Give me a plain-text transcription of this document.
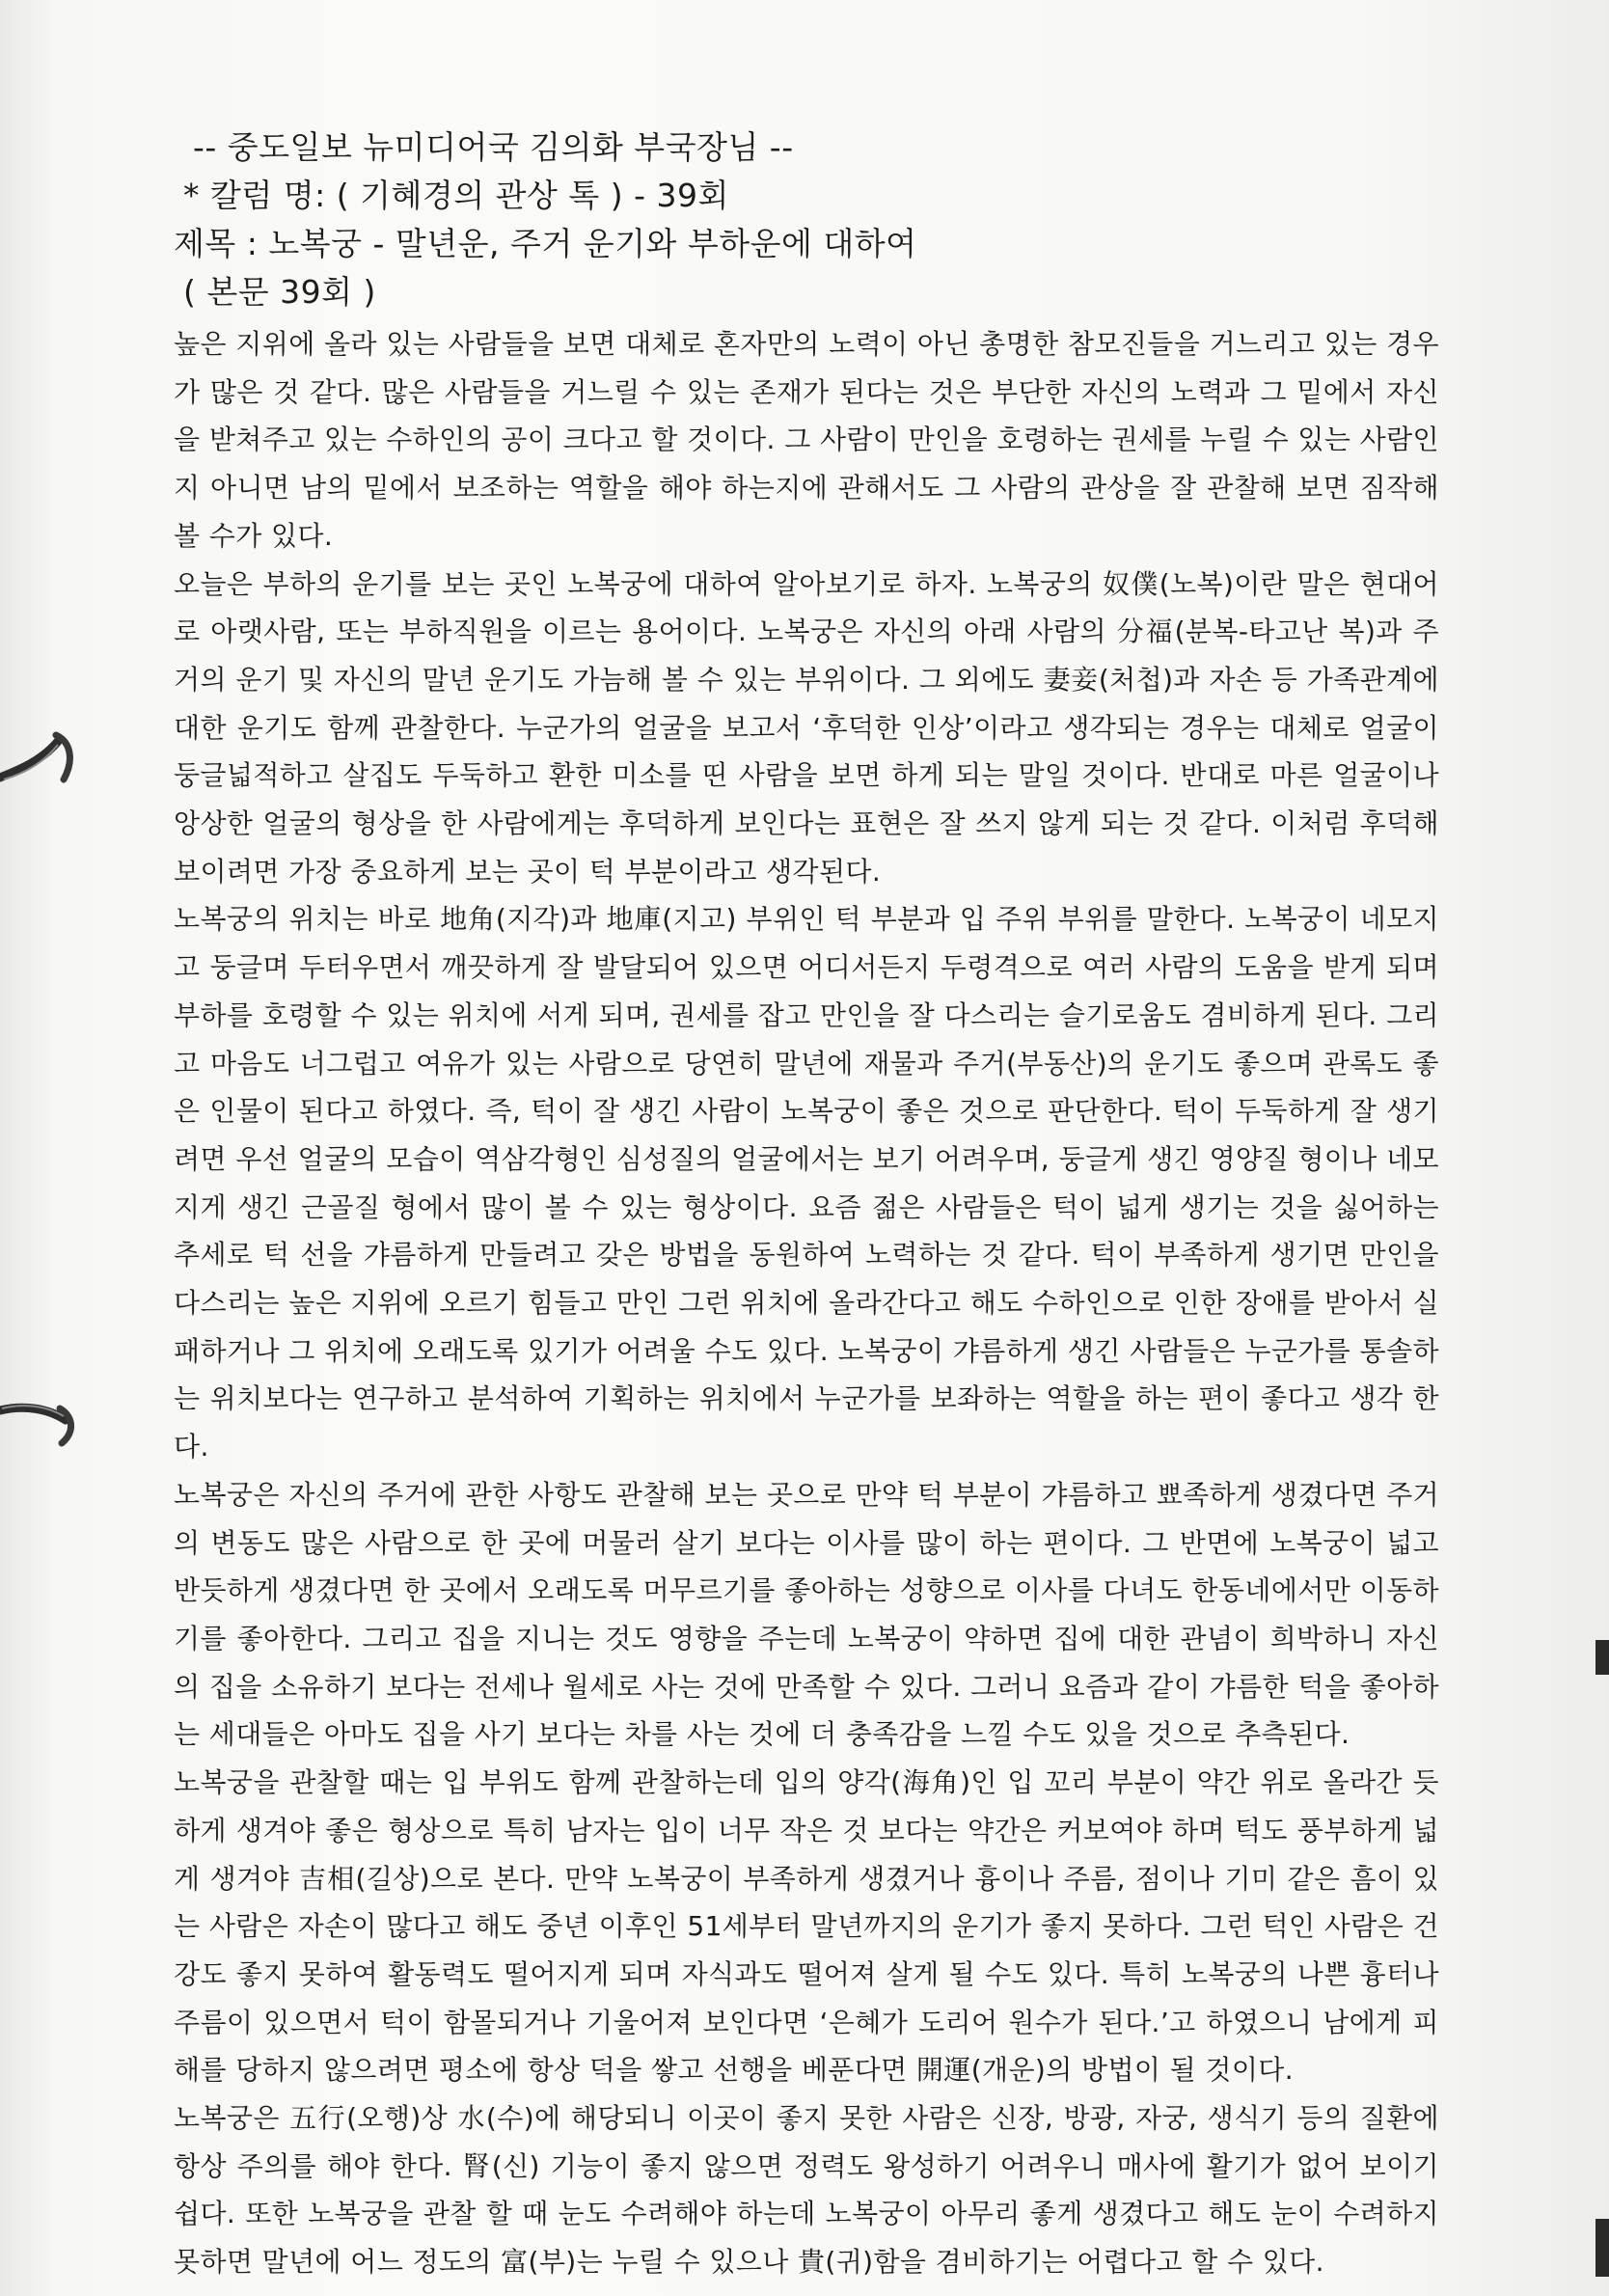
-- 중도일보 뉴미디어국 김의화 부국장님 --

* 칼럼 명: ( 기혜경의 관상 톡 ) - 39회

제목 : 노복궁 - 말년운, 주거 운기와 부하운에 대하여

( 본문 39회 )

높은 지위에 올라 있는 사람들을 보면 대체로 혼자만의 노력이 아닌 총명한 참모진들을 거느리고 있는 경우가 많은 것 같다. 많은 사람들을 거느릴 수 있는 존재가 된다는 것은 부단한 자신의 노력과 그 밑에서 자신을 받쳐주고 있는 수하인의 공이 크다고 할 것이다. 그 사람이 만인을 호령하는 권세를 누릴 수 있는 사람인지 아니면 남의 밑에서 보조하는 역할을 해야 하는지에 관해서도 그 사람의 관상을 잘 관찰해 보면 짐작해 볼 수가 있다.

오늘은 부하의 운기를 보는 곳인 노복궁에 대하여 알아보기로 하자. 노복궁의 奴僕(노복)이란 말은 현대어로 아랫사람, 또는 부하직원을 이르는 용어이다. 노복궁은 자신의 아래 사람의 分福(분복-타고난 복)과 주거의 운기 및 자신의 말년 운기도 가늠해 볼 수 있는 부위이다. 그 외에도 妻妾(처첩)과 자손 등 가족관계에 대한 운기도 함께 관찰한다. 누군가의 얼굴을 보고서 ‘후덕한 인상’이라고 생각되는 경우는 대체로 얼굴이 둥글넓적하고 살집도 두둑하고 환한 미소를 띤 사람을 보면 하게 되는 말일 것이다. 반대로 마른 얼굴이나 앙상한 얼굴의 형상을 한 사람에게는 후덕하게 보인다는 표현은 잘 쓰지 않게 되는 것 같다. 이처럼 후덕해 보이려면 가장 중요하게 보는 곳이 턱 부분이라고 생각된다.

노복궁의 위치는 바로 地角(지각)과 地庫(지고) 부위인 턱 부분과 입 주위 부위를 말한다. 노복궁이 네모지고 둥글며 두터우면서 깨끗하게 잘 발달되어 있으면 어디서든지 두령격으로 여러 사람의 도움을 받게 되며 부하를 호령할 수 있는 위치에 서게 되며, 권세를 잡고 만인을 잘 다스리는 슬기로움도 겸비하게 된다. 그리고 마음도 너그럽고 여유가 있는 사람으로 당연히 말년에 재물과 주거(부동산)의 운기도 좋으며 관록도 좋은 인물이 된다고 하였다. 즉, 턱이 잘 생긴 사람이 노복궁이 좋은 것으로 판단한다. 턱이 두둑하게 잘 생기려면 우선 얼굴의 모습이 역삼각형인 심성질의 얼굴에서는 보기 어려우며, 둥글게 생긴 영양질 형이나 네모지게 생긴 근골질 형에서 많이 볼 수 있는 형상이다. 요즘 젊은 사람들은 턱이 넓게 생기는 것을 싫어하는 추세로 턱 선을 갸름하게 만들려고 갖은 방법을 동원하여 노력하는 것 같다. 턱이 부족하게 생기면 만인을 다스리는 높은 지위에 오르기 힘들고 만인 그런 위치에 올라간다고 해도 수하인으로 인한 장애를 받아서 실패하거나 그 위치에 오래도록 있기가 어려울 수도 있다. 노복궁이 갸름하게 생긴 사람들은 누군가를 통솔하는 위치보다는 연구하고 분석하여 기획하는 위치에서 누군가를 보좌하는 역할을 하는 편이 좋다고 생각 한다.

노복궁은 자신의 주거에 관한 사항도 관찰해 보는 곳으로 만약 턱 부분이 갸름하고 뾰족하게 생겼다면 주거의 변동도 많은 사람으로 한 곳에 머물러 살기 보다는 이사를 많이 하는 편이다. 그 반면에 노복궁이 넓고 반듯하게 생겼다면 한 곳에서 오래도록 머무르기를 좋아하는 성향으로 이사를 다녀도 한동네에서만 이동하기를 좋아한다. 그리고 집을 지니는 것도 영향을 주는데 노복궁이 약하면 집에 대한 관념이 희박하니 자신의 집을 소유하기 보다는 전세나 월세로 사는 것에 만족할 수 있다. 그러니 요즘과 같이 갸름한 턱을 좋아하는 세대들은 아마도 집을 사기 보다는 차를 사는 것에 더 충족감을 느낄 수도 있을 것으로 추측된다.

노복궁을 관찰할 때는 입 부위도 함께 관찰하는데 입의 양각(海角)인 입 꼬리 부분이 약간 위로 올라간 듯 하게 생겨야 좋은 형상으로 특히 남자는 입이 너무 작은 것 보다는 약간은 커보여야 하며 턱도 풍부하게 넓게 생겨야 吉相(길상)으로 본다. 만약 노복궁이 부족하게 생겼거나 흉이나 주름, 점이나 기미 같은 흠이 있는 사람은 자손이 많다고 해도 중년 이후인 51세부터 말년까지의 운기가 좋지 못하다. 그런 턱인 사람은 건강도 좋지 못하여 활동력도 떨어지게 되며 자식과도 떨어져 살게 될 수도 있다. 특히 노복궁의 나쁜 흉터나 주름이 있으면서 턱이 함몰되거나 기울어져 보인다면 ‘은혜가 도리어 원수가 된다.’고 하였으니 남에게 피해를 당하지 않으려면 평소에 항상 덕을 쌓고 선행을 베푼다면 開運(개운)의 방법이 될 것이다.

노복궁은 五行(오행)상 水(수)에 해당되니 이곳이 좋지 못한 사람은 신장, 방광, 자궁, 생식기 등의 질환에 항상 주의를 해야 한다. 腎(신) 기능이 좋지 않으면 정력도 왕성하기 어려우니 매사에 활기가 없어 보이기 쉽다. 또한 노복궁을 관찰 할 때 눈도 수려해야 하는데 노복궁이 아무리 좋게 생겼다고 해도 눈이 수려하지 못하면 말년에 어느 정도의 富(부)는 누릴 수 있으나 貴(귀)함을 겸비하기는 어렵다고 할 수 있다.
